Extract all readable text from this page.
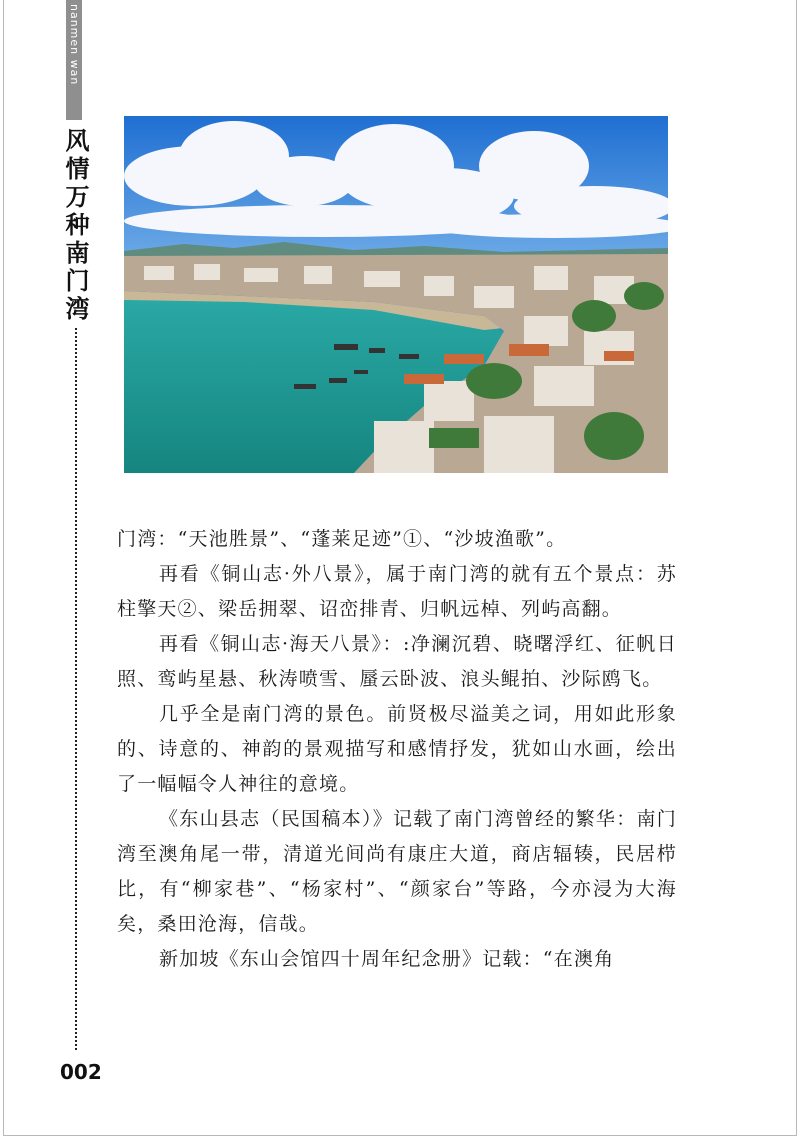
nanmen wan
风情万种南门湾

门湾：“天池胜景”、“蓬莱足迹”①、“沙坡渔歌”。

再看《铜山志·外八景》，属于南门湾的就有五个景点：苏柱擎天②、梁岳拥翠、诏峦排青、归帆远棹、列屿高翻。

再看《铜山志·海天八景》：:净澜沉碧、晓曙浮红、征帆日照、鸾屿星悬、秋涛喷雪、蜃云卧波、浪头鲲拍、沙际鸥飞。

几乎全是南门湾的景色。前贤极尽溢美之词，用如此形象的、诗意的、神韵的景观描写和感情抒发，犹如山水画，绘出了一幅幅令人神往的意境。

《东山县志（民国稿本）》记载了南门湾曾经的繁华：南门湾至澳角尾一带，清道光间尚有康庄大道，商店辐辏，民居栉比，有“柳家巷”、“杨家村”、“颜家台”等路，今亦浸为大海矣，桑田沧海，信哉。

新加坡《东山会馆四十周年纪念册》记载：“在澳角

002
